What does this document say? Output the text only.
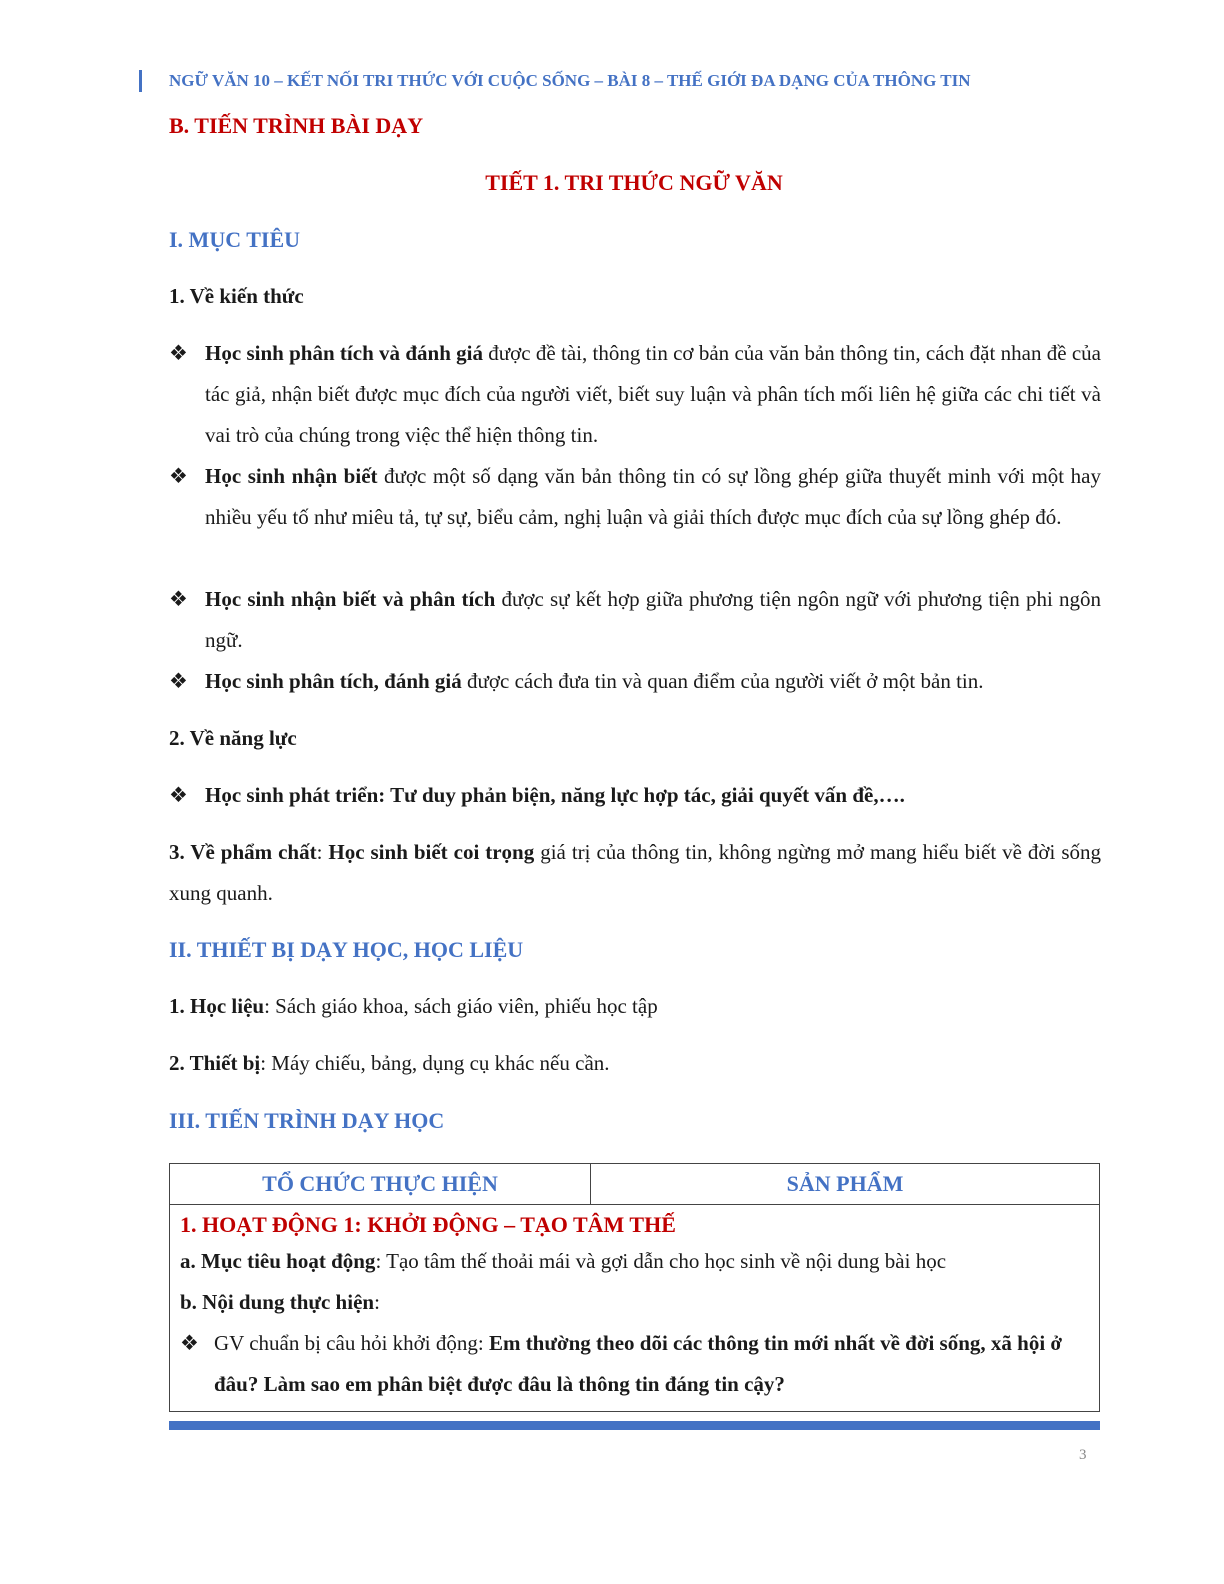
NGỮ VĂN 10 – KẾT NỐI TRI THỨC VỚI CUỘC SỐNG – BÀI 8 – THẾ GIỚI ĐA DẠNG CỦA THÔNG TIN
B. TIẾN TRÌNH BÀI DẠY
TIẾT 1. TRI THỨC NGỮ VĂN
I. MỤC TIÊU
1. Về kiến thức
❖ Học sinh phân tích và đánh giá được đề tài, thông tin cơ bản của văn bản thông tin, cách đặt nhan đề của tác giả, nhận biết được mục đích của người viết, biết suy luận và phân tích mối liên hệ giữa các chi tiết và vai trò của chúng trong việc thể hiện thông tin.
❖ Học sinh nhận biết được một số dạng văn bản thông tin có sự lồng ghép giữa thuyết minh với một hay nhiều yếu tố như miêu tả, tự sự, biểu cảm, nghị luận và giải thích được mục đích của sự lồng ghép đó.
❖ Học sinh nhận biết và phân tích được sự kết hợp giữa phương tiện ngôn ngữ với phương tiện phi ngôn ngữ.
❖ Học sinh phân tích, đánh giá được cách đưa tin và quan điểm của người viết ở một bản tin.
2. Về năng lực
❖ Học sinh phát triển: Tư duy phản biện, năng lực hợp tác, giải quyết vấn đề,….
3. Về phẩm chất: Học sinh biết coi trọng giá trị của thông tin, không ngừng mở mang hiểu biết về đời sống xung quanh.
II. THIẾT BỊ DẠY HỌC, HỌC LIỆU
1. Học liệu: Sách giáo khoa, sách giáo viên, phiếu học tập
2. Thiết bị: Máy chiếu, bảng, dụng cụ khác nếu cần.
III. TIẾN TRÌNH DẠY HỌC
TỔ CHỨC THỰC HIỆN	SẢN PHẨM

1. HOẠT ĐỘNG 1: KHỞI ĐỘNG – TẠO TÂM THẾ
a. Mục tiêu hoạt động: Tạo tâm thế thoải mái và gợi dẫn cho học sinh về nội dung bài học
b. Nội dung thực hiện:
❖ GV chuẩn bị câu hỏi khởi động: Em thường theo dõi các thông tin mới nhất về đời sống, xã hội ở đâu? Làm sao em phân biệt được đâu là thông tin đáng tin cậy?
3
